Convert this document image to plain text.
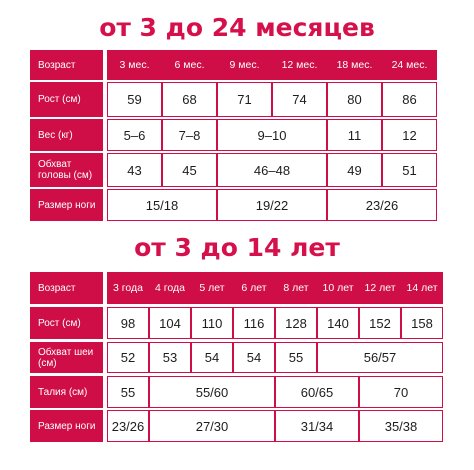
от 3 до 24 месяцев
Возраст	3 мес.	6 мес.	9 мес.	12 мес.	18 мес.	24 мес.
Рост (см)	59	68	71	74	80	86
Вес (кг)	5–6	7–8	9–10	11	12
Обхват головы (см)	43	45	46–48	49	51
Размер ноги	15/18	19/22	23/26
от 3 до 14 лет
Возраст	3 года	4 года	5 лет	6 лет	8 лет	10 лет	12 лет	14 лет
Рост (см)	98	104	110	116	128	140	152	158
Обхват шеи (см)	52	53	54	54	55	56/57
Талия (см)	55	55/60	60/65	70
Размер ноги	23/26	27/30	31/34	35/38
